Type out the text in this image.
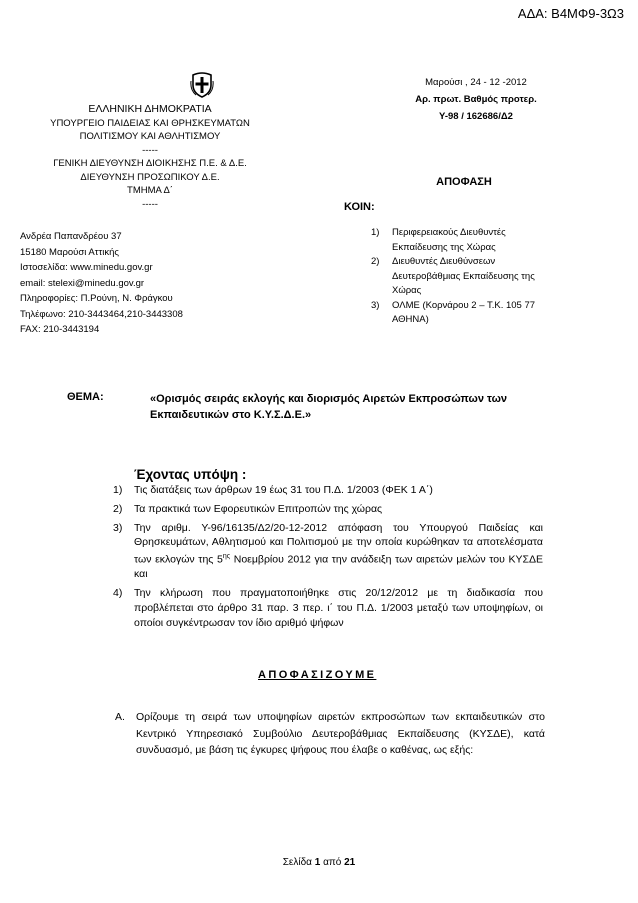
ΑΔΑ: Β4ΜΦ9-3Ω3
ΕΛΛΗΝΙΚΗ ΔΗΜΟΚΡΑΤΙΑ
ΥΠΟΥΡΓΕΙΟ ΠΑΙΔΕΙΑΣ ΚΑΙ ΘΡΗΣΚΕΥΜΑΤΩΝ
ΠΟΛΙΤΙΣΜΟΥ ΚΑΙ ΑΘΛΗΤΙΣΜΟΥ
-----
ΓΕΝΙΚΗ ΔΙΕΥΘΥΝΣΗ ΔΙΟΙΚΗΣΗΣ Π.Ε. & Δ.Ε.
ΔΙΕΥΘΥΝΣΗ ΠΡΟΣΩΠΙΚΟΥ Δ.Ε.
ΤΜΗΜΑ Δ΄
-----
Ανδρέα Παπανδρέου 37
15180 Μαρούσι Αττικής
Ιστοσελίδα: www.minedu.gov.gr
email: stelexi@minedu.gov.gr
Πληροφορίες: Π.Ρούνη, Ν. Φράγκου
Τηλέφωνο: 210-3443464,210-3443308
FAX: 210-3443194
Μαρούσι , 24 - 12 -2012
Αρ. πρωτ. Βαθμός προτερ.
Υ-98 / 162686/Δ2
ΑΠΟΦΑΣΗ
ΚΟΙΝ:
1)	Περιφερειακούς Διευθυντές Εκπαίδευσης της Χώρας
2)	Διευθυντές Διευθύνσεων Δευτεροβάθμιας Εκπαίδευσης της Χώρας
3)	ΟΛΜΕ (Κορνάρου 2 – Τ.Κ. 105 77 ΑΘΗΝΑ)
ΘΕΜΑ:	«Ορισμός σειράς εκλογής και διορισμός Αιρετών Εκπροσώπων των Εκπαιδευτικών στο Κ.Υ.Σ.Δ.Ε.»
Έχοντας υπόψη :
1)	Τις διατάξεις των άρθρων 19 έως 31 του Π.Δ. 1/2003 (ΦΕΚ 1 Α΄)
2)	Τα πρακτικά των Εφορευτικών Επιτροπών της χώρας
3)	Την αριθμ. Υ-96/16135/Δ2/20-12-2012 απόφαση του Υπουργού Παιδείας και Θρησκευμάτων, Αθλητισμού και Πολιτισμού με την οποία κυρώθηκαν τα αποτελέσματα των εκλογών της $5^{\eta\varsigma}$ Νοεμβρίου 2012 για την ανάδειξη των αιρετών μελών του ΚΥΣΔΕ και
4)	Την κλήρωση που πραγματοποιήθηκε στις 20/12/2012 με τη διαδικασία που προβλέπεται στο άρθρο 31 παρ. 3 περ. ι΄ του Π.Δ. 1/2003 μεταξύ των υποψηφίων, οι οποίοι συγκέντρωσαν τον ίδιο αριθμό ψήφων
ΑΠΟΦΑΣΙΖΟΥΜΕ
Α.	Ορίζουμε τη σειρά των υποψηφίων αιρετών εκπροσώπων των εκπαιδευτικών στο Κεντρικό Υπηρεσιακό Συμβούλιο Δευτεροβάθμιας Εκπαίδευσης (ΚΥΣΔΕ), κατά συνδυασμό, με βάση τις έγκυρες ψήφους που έλαβε ο καθένας, ως εξής:
Σελίδα 1 από 21
